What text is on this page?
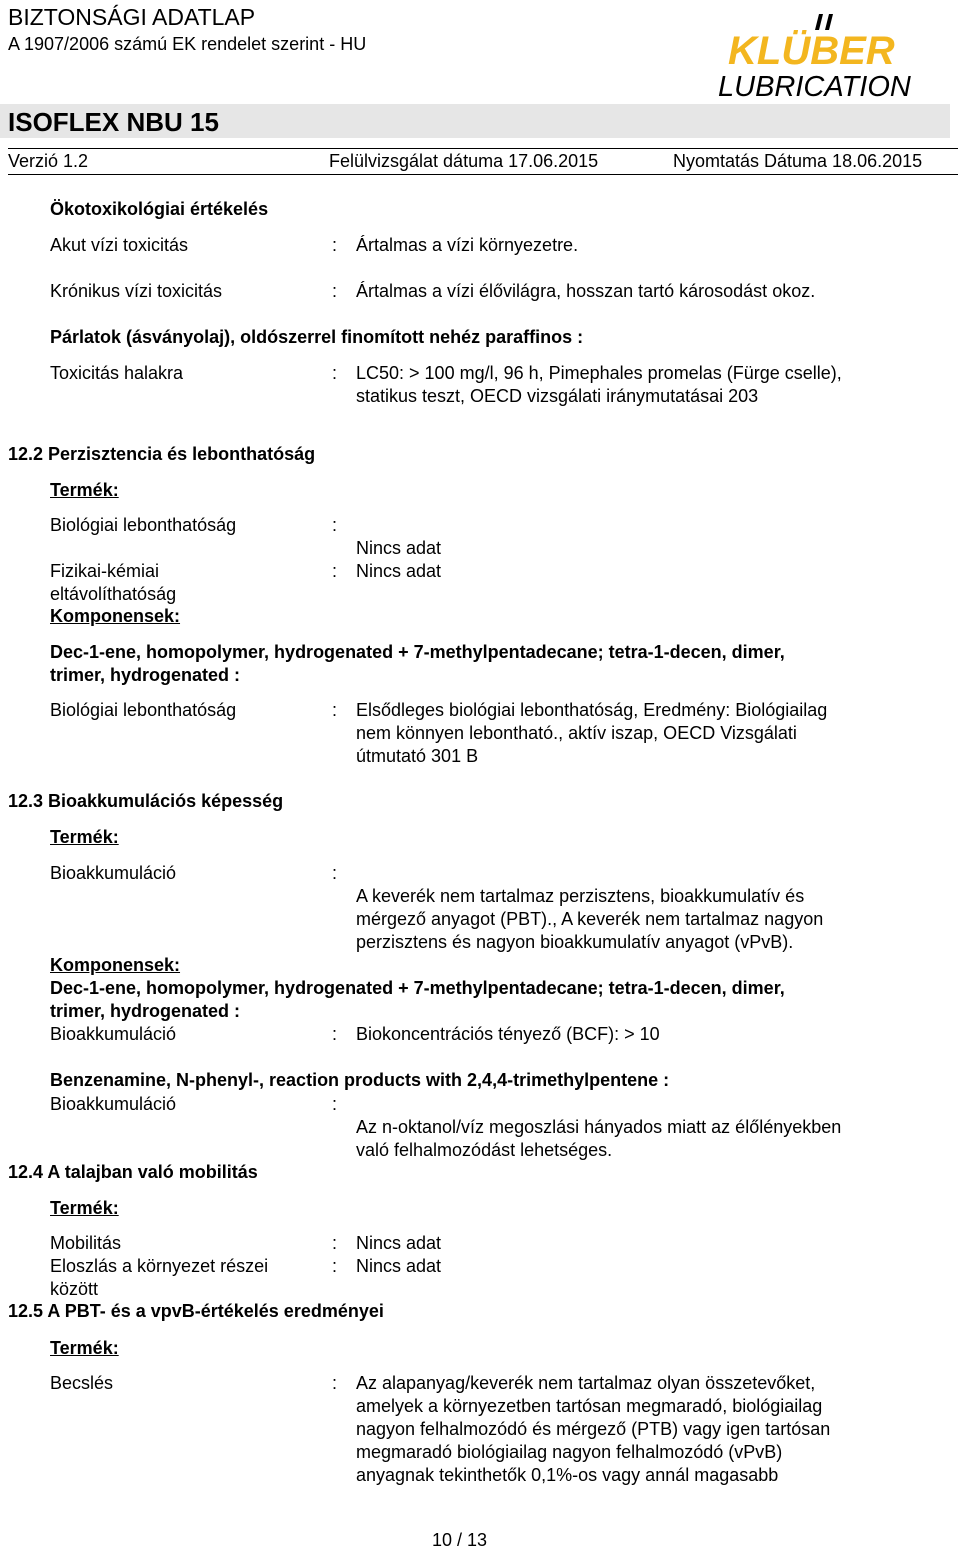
BIZTONSÁGI ADATLAP
A 1907/2006 számú EK rendelet szerint - HU	KLÜBER
LUBRICATION
ISOFLEX NBU 15
Verzió 1.2	Felülvizsgálat dátuma 17.06.2015	Nyomtatás Dátuma 18.06.2015
Ökotoxikológiai értékelés
Akut vízi toxicitás	: Ártalmas a vízi környezetre.
Krónikus vízi toxicitás	: Ártalmas a vízi élővilágra, hosszan tartó károsodást okoz.
Párlatok (ásványolaj), oldószerrel finomított nehéz paraffinos :
Toxicitás halakra	: LC50: > 100 mg/l, 96 h, Pimephales promelas (Fürge cselle),
statikus teszt, OECD vizsgálati iránymutatásai 203
12.2 Perzisztencia és lebonthatóság
Termék:
Biológiai lebonthatóság	:
Nincs adat
Fizikai-kémiai	: Nincs adat
eltávolíthatóság
Komponensek:
Dec-1-ene, homopolymer, hydrogenated + 7-methylpentadecane; tetra-1-decen, dimer,
trimer, hydrogenated :
Biológiai lebonthatóság	: Elsődleges biológiai lebonthatóság, Eredmény: Biológiailag
nem könnyen lebontható., aktív iszap, OECD Vizsgálati
útmutató 301 B
12.3 Bioakkumulációs képesség
Termék:
Bioakkumuláció	:
A keverék nem tartalmaz perzisztens, bioakkumulatív és
mérgező anyagot (PBT)., A keverék nem tartalmaz nagyon
perzisztens és nagyon bioakkumulatív anyagot (vPvB).
Komponensek:
Dec-1-ene, homopolymer, hydrogenated + 7-methylpentadecane; tetra-1-decen, dimer,
trimer, hydrogenated :
Bioakkumuláció	: Biokoncentrációs tényező (BCF): > 10
Benzenamine, N-phenyl-, reaction products with 2,4,4-trimethylpentene :
Bioakkumuláció	:
Az n-oktanol/víz megoszlási hányados miatt az élőlényekben
való felhalmozódást lehetséges.
12.4 A talajban való mobilitás
Termék:
Mobilitás	: Nincs adat
Eloszlás a környezet részei	: Nincs adat
között
12.5 A PBT- és a vpvB-értékelés eredményei
Termék:
Becslés	: Az alapanyag/keverék nem tartalmaz olyan összetevőket,
amelyek a környezetben tartósan megmaradó, biológiailag
nagyon felhalmozódó és mérgező (PTB) vagy igen tartósan
megmaradó biológiailag nagyon felhalmozódó (vPvB)
anyagnak tekinthetők 0,1%-os vagy annál magasabb
10 / 13
